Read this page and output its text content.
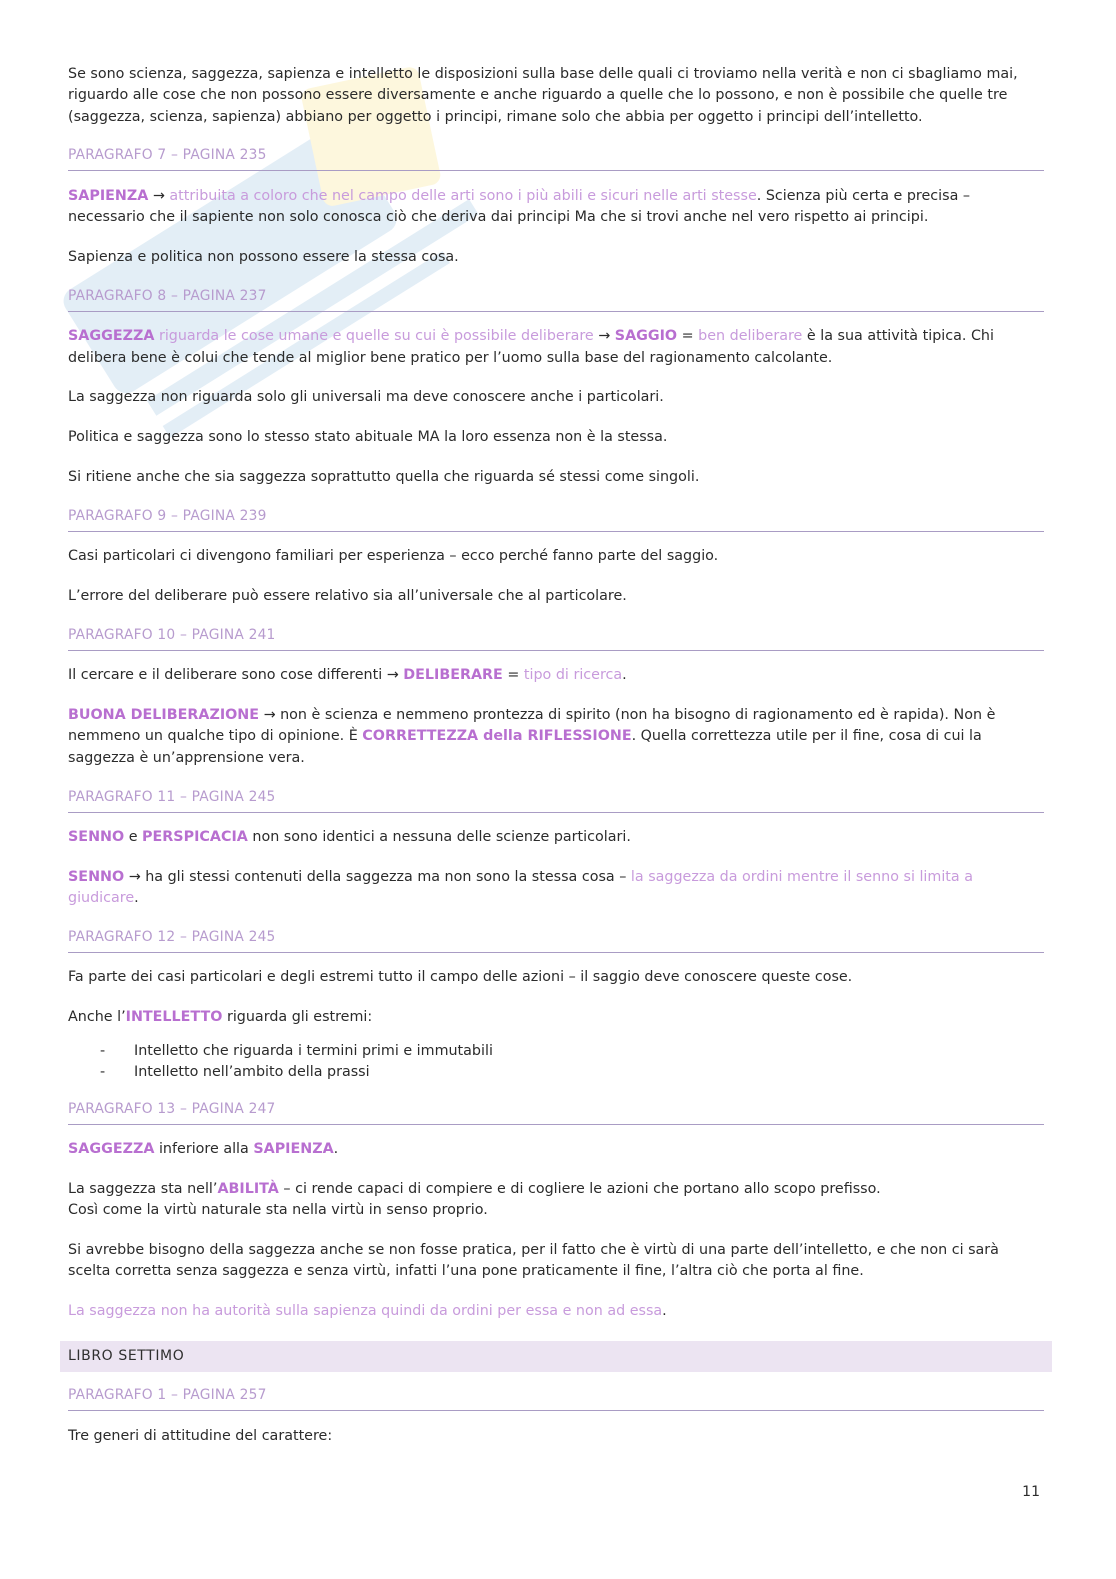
Se sono scienza, saggezza, sapienza e intelletto le disposizioni sulla base delle quali ci troviamo nella verità e non ci sbagliamo mai, riguardo alle cose che non possono essere diversamente e anche riguardo a quelle che lo possono, e non è possibile che quelle tre (saggezza, scienza, sapienza) abbiano per oggetto i principi, rimane solo che abbia per oggetto i principi dell’intelletto.

PARAGRAFO 7 – PAGINA 235

SAPIENZA → attribuita a coloro che nel campo delle arti sono i più abili e sicuri nelle arti stesse. Scienza più certa e precisa – necessario che il sapiente non solo conosca ciò che deriva dai principi Ma che si trovi anche nel vero rispetto ai principi.

Sapienza e politica non possono essere la stessa cosa.

PARAGRAFO 8 – PAGINA 237

SAGGEZZA riguarda le cose umane e quelle su cui è possibile deliberare → SAGGIO = ben deliberare è la sua attività tipica. Chi delibera bene è colui che tende al miglior bene pratico per l’uomo sulla base del ragionamento calcolante.

La saggezza non riguarda solo gli universali ma deve conoscere anche i particolari.

Politica e saggezza sono lo stesso stato abituale MA la loro essenza non è la stessa.

Si ritiene anche che sia saggezza soprattutto quella che riguarda sé stessi come singoli.

PARAGRAFO 9 – PAGINA 239

Casi particolari ci divengono familiari per esperienza – ecco perché fanno parte del saggio.

L’errore del deliberare può essere relativo sia all’universale che al particolare.

PARAGRAFO 10 – PAGINA 241

Il cercare e il deliberare sono cose differenti → DELIBERARE = tipo di ricerca.

BUONA DELIBERAZIONE → non è scienza e nemmeno prontezza di spirito (non ha bisogno di ragionamento ed è rapida). Non è nemmeno un qualche tipo di opinione. È CORRETTEZZA della RIFLESSIONE. Quella correttezza utile per il fine, cosa di cui la saggezza è un’apprensione vera.

PARAGRAFO 11 – PAGINA 245

SENNO e PERSPICACIA non sono identici a nessuna delle scienze particolari.

SENNO → ha gli stessi contenuti della saggezza ma non sono la stessa cosa – la saggezza da ordini mentre il senno si limita a giudicare.

PARAGRAFO 12 – PAGINA 245

Fa parte dei casi particolari e degli estremi tutto il campo delle azioni – il saggio deve conoscere queste cose.

Anche l’INTELLETTO riguarda gli estremi:

- Intelletto che riguarda i termini primi e immutabili
- Intelletto nell’ambito della prassi
PARAGRAFO 13 – PAGINA 247

SAGGEZZA inferiore alla SAPIENZA.

La saggezza sta nell’ABILITÀ – ci rende capaci di compiere e di cogliere le azioni che portano allo scopo prefisso.
Così come la virtù naturale sta nella virtù in senso proprio.

Si avrebbe bisogno della saggezza anche se non fosse pratica, per il fatto che è virtù di una parte dell’intelletto, e che non ci sarà scelta corretta senza saggezza e senza virtù, infatti l’una pone praticamente il fine, l’altra ciò che porta al fine.

La saggezza non ha autorità sulla sapienza quindi da ordini per essa e non ad essa.

LIBRO SETTIMO
PARAGRAFO 1 – PAGINA 257

Tre generi di attitudine del carattere:

11
